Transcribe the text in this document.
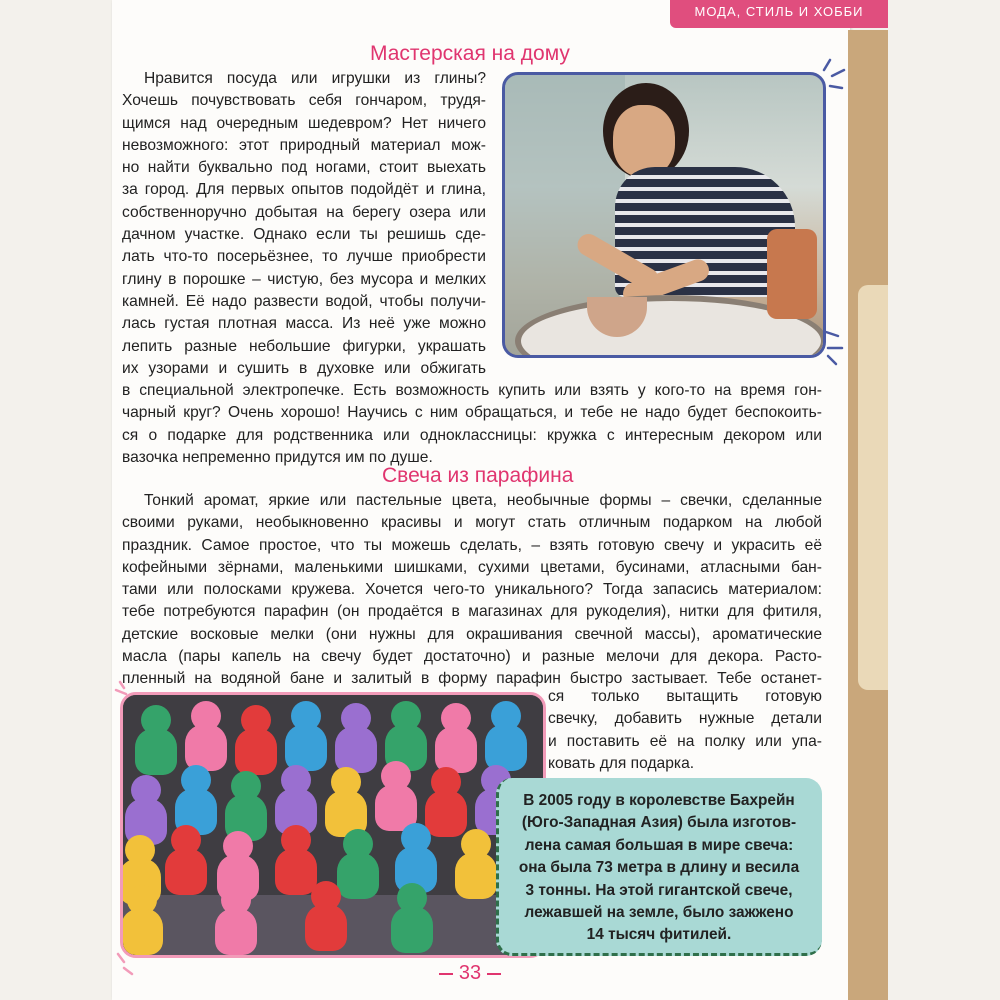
МОДА, СТИЛЬ И ХОББИ
Мастерская на дому
Нравится посуда или игрушки из глины?
Хочешь почувствовать себя гончаром, трудя-
щимся над очередным шедевром? Нет ничего
невозможного: этот природный материал мож-
но найти буквально под ногами, стоит выехать
за город. Для первых опытов подойдёт и глина,
собственноручно добытая на берегу озера или
дачном участке. Однако если ты решишь сде-
лать что-то посерьёзнее, то лучше приобрести
глину в порошке – чистую, без мусора и мелких
камней. Её надо развести водой, чтобы получи-
лась густая плотная масса. Из неё уже можно
лепить разные небольшие фигурки, украшать
их узорами и сушить в духовке или обжигать
в специальной электропечке. Есть возможность купить или взять у кого-то на время гон-
чарный круг? Очень хорошо! Научись с ним обращаться, и тебе не надо будет беспокоить-
ся о подарке для родственника или одноклассницы: кружка с интересным декором или
вазочка непременно придутся им по душе.
Свеча из парафина
Тонкий аромат, яркие или пастельные цвета, необычные формы – свечки, сделанные
своими руками, необыкновенно красивы и могут стать отличным подарком на любой
праздник. Самое простое, что ты можешь сделать, – взять готовую свечу и украсить её
кофейными зёрнами, маленькими шишками, сухими цветами, бусинами, атласными бан-
тами или полосками кружева. Хочется чего-то уникального? Тогда запасись материалом:
тебе потребуются парафин (он продаётся в магазинах для рукоделия), нитки для фитиля,
детские восковые мелки (они нужны для окрашивания свечной массы), ароматические
масла (пары капель на свечу будет достаточно) и разные мелочи для декора. Расто-
пленный на водяной бане и залитый в форму парафин быстро застывает. Тебе останет-
ся только вытащить готовую
свечку, добавить нужные детали
и поставить её на полку или упа-
ковать для подарка.
В 2005 году в королевстве Бахрейн
(Юго-Западная Азия) была изготов-
лена самая большая в мире свеча:
она была 73 метра в длину и весила
3 тонны. На этой гигантской свече,
лежавшей на земле, было зажжено
14 тысяч фитилей.
33
